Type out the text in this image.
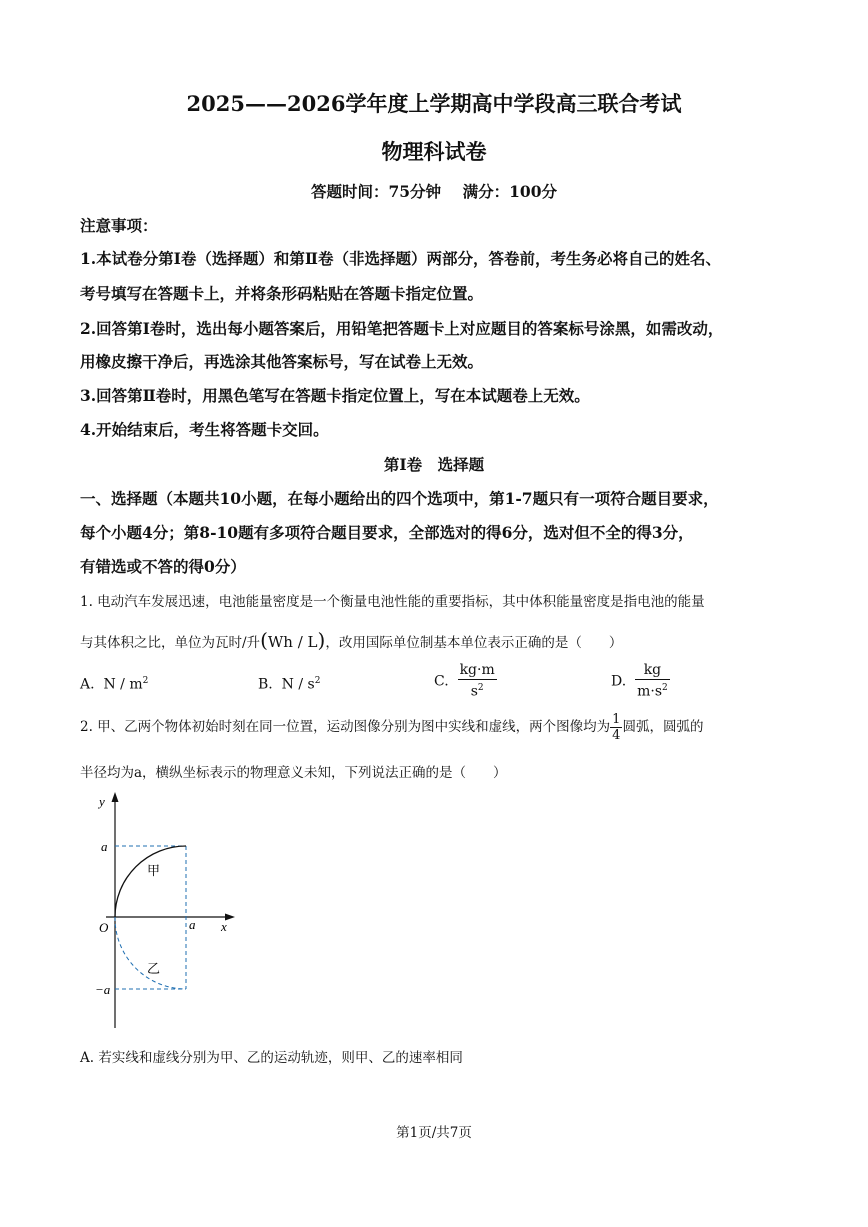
2025——2026学年度上学期高中学段高三联合考试
物理科试卷
答题时间：75分钟    满分：100分
注意事项：
1.本试卷分第Ⅰ卷（选择题）和第Ⅱ卷（非选择题）两部分，答卷前，考生务必将自己的姓名、
考号填写在答题卡上，并将条形码粘贴在答题卡指定位置。
2.回答第Ⅰ卷时，选出每小题答案后，用铅笔把答题卡上对应题目的答案标号涂黑，如需改动，
用橡皮擦干净后，再选涂其他答案标号，写在试卷上无效。
3.回答第Ⅱ卷时，用黑色笔写在答题卡指定位置上，写在本试题卷上无效。
4.开始结束后，考生将答题卡交回。
第Ⅰ卷　选择题
一、选择题（本题共10小题，在每小题给出的四个选项中，第1-7题只有一项符合题目要求，
每个小题4分；第8-10题有多项符合题目要求，全部选对的得6分，选对但不全的得3分，
有错选或不答的得0分）
1. 电动汽车发展迅速，电池能量密度是一个衡量电池性能的重要指标，其中体积能量密度是指电池的能量
与其体积之比，单位为瓦时/升(Wh / L)，改用国际单位制基本单位表示正确的是（　　）
A. N / $m^2$	B. N / $s^2$	C. $\frac{kg\cdot m}{s^2}$	D. $\frac{kg}{m\cdot s^2}$
2. 甲、乙两个物体初始时刻在同一位置，运动图像分别为图中实线和虚线，两个图像均为 $\frac{1}{4}$ 圆弧，圆弧的
半径均为a，横纵坐标表示的物理意义未知，下列说法正确的是（　　）
y
x
O
a
a
−a
甲
乙
A. 若实线和虚线分别为甲、乙的运动轨迹，则甲、乙的速率相同
第1页/共7页
